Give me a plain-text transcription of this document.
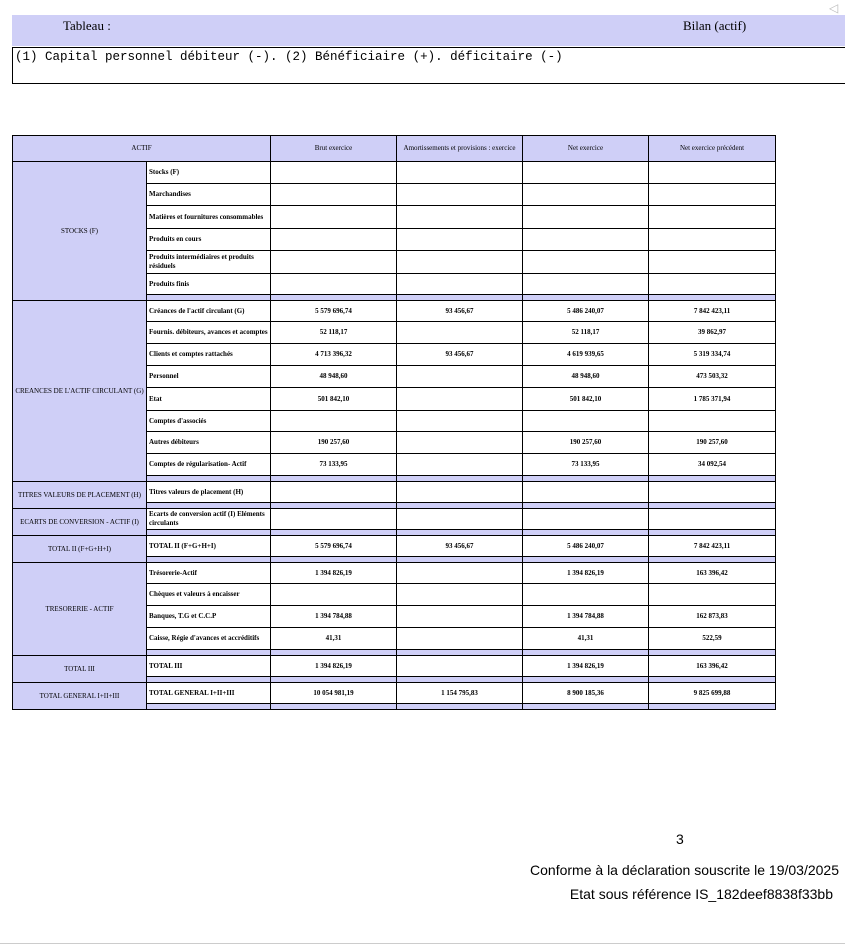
Tableau :	Bilan (actif)
◁
(1) Capital personnel débiteur (-). (2) Bénéficiaire (+). déficitaire (-)
ACTIF		Brut exercice	Amortissements et provisions : exercice	Net exercice	Net exercice précédent
STOCKS (F)	Stocks (F)				
	Marchandises				
	Matières et fournitures consommables				
	Produits en cours				
	Produits intermédiaires et produits résiduels				
	Produits finis				

CREANCES DE L'ACTIF CIRCULANT (G)	Créances de l'actif circulant (G)	5 579 696,74	93 456,67	5 486 240,07	7 842 423,11
	Fournis. débiteurs, avances et acomptes	52 118,17		52 118,17	39 862,97
	Clients et comptes rattachés	4 713 396,32	93 456,67	4 619 939,65	5 319 334,74
	Personnel	48 948,60		48 948,60	473 503,32
	Etat	501 842,10		501 842,10	1 785 371,94
	Comptes d'associés				
	Autres débiteurs	190 257,60		190 257,60	190 257,60
	Comptes de régularisation- Actif	73 133,95		73 133,95	34 092,54

TITRES VALEURS DE PLACEMENT (H)	Titres valeurs de placement (H)				

ECARTS DE CONVERSION - ACTIF (I)	Ecarts de conversion actif (I) Eléments circulants				

TOTAL II (F+G+H+I)	TOTAL II (F+G+H+I)	5 579 696,74	93 456,67	5 486 240,07	7 842 423,11

TRESORERIE - ACTIF	Trésorerie-Actif	1 394 826,19		1 394 826,19	163 396,42
	Chèques et valeurs à encaisser				
	Banques, T.G et C.C.P	1 394 784,88		1 394 784,88	162 873,83
	Caisse, Régie d'avances et accréditifs	41,31		41,31	522,59

TOTAL III	TOTAL III	1 394 826,19		1 394 826,19	163 396,42

TOTAL GENERAL I+II+III	TOTAL GENERAL I+II+III	10 054 981,19	1 154 795,83	8 900 185,36	9 825 699,88

3
Conforme à la déclaration souscrite le 19/03/2025
Etat sous référence IS_182deef8838f33bb
